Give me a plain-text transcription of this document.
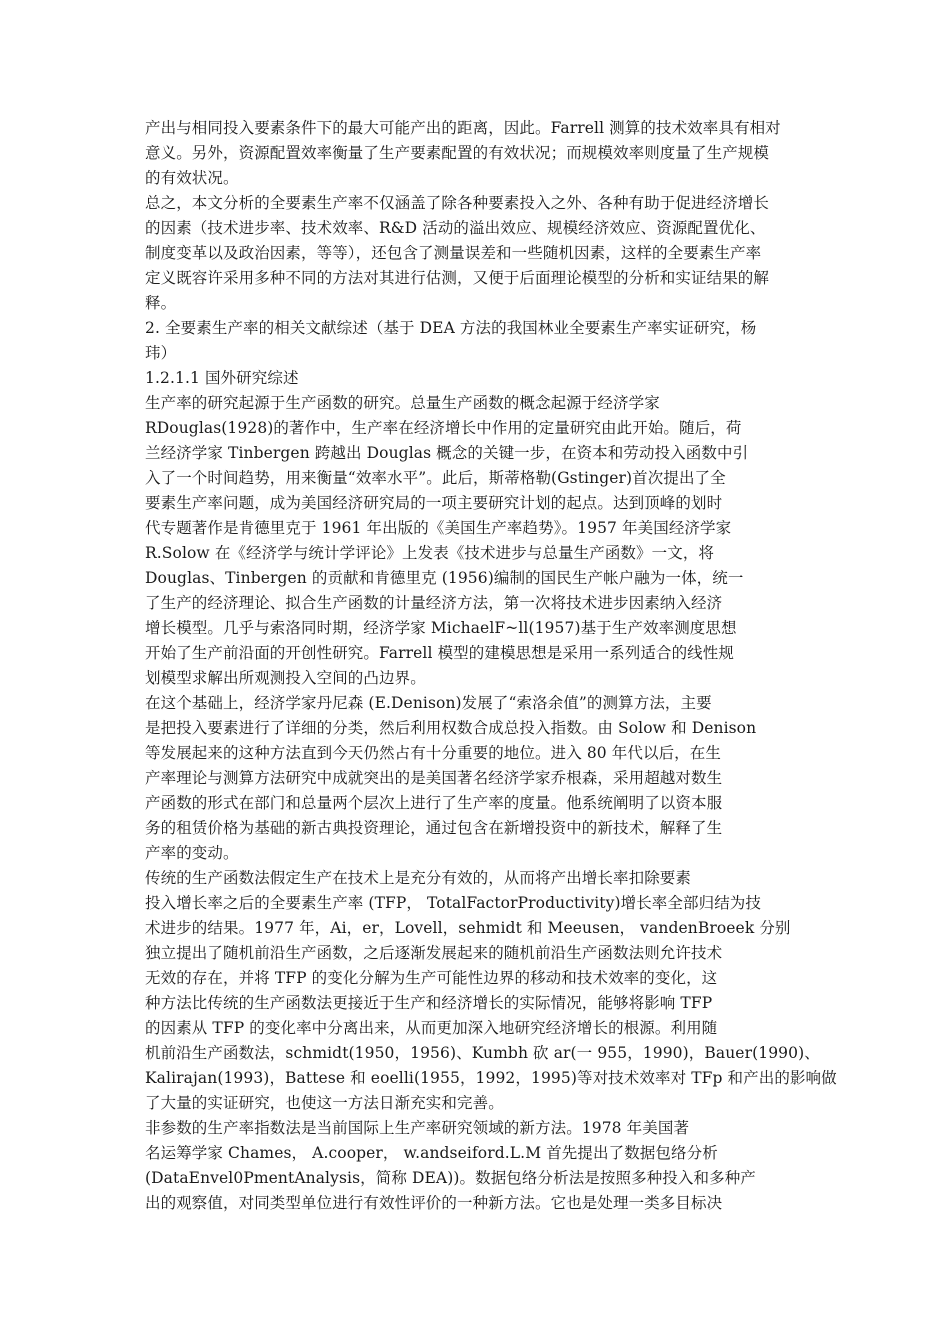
产出与相同投入要素条件下的最大可能产出的距离，因此。Farrell 测算的技术效率具有相对
意义。另外，资源配置效率衡量了生产要素配置的有效状况；而规模效率则度量了生产规模
的有效状况。
总之，本文分析的全要素生产率不仅涵盖了除各种要素投入之外、各种有助于促进经济增长
的因素（技术进步率、技术效率、R&D 活动的溢出效应、规模经济效应、资源配置优化、
制度变革以及政治因素，等等），还包含了测量误差和一些随机因素，这样的全要素生产率
定义既容许采用多种不同的方法对其进行估测，又便于后面理论模型的分析和实证结果的解
释。
2. 全要素生产率的相关文献综述（基于 DEA 方法的我国林业全要素生产率实证研究，杨
玮）
1.2.1.1 国外研究综述
生产率的研究起源于生产函数的研究。总量生产函数的概念起源于经济学家
RDouglas(1928)的著作中，生产率在经济增长中作用的定量研究由此开始。随后，荷
兰经济学家 Tinbergen 跨越出 Douglas 概念的关键一步，在资本和劳动投入函数中引
入了一个时间趋势，用来衡量“效率水平”。此后，斯蒂格勒(Gstinger)首次提出了全
要素生产率问题，成为美国经济研究局的一项主要研究计划的起点。达到顶峰的划时
代专题著作是肯德里克于 1961 年出版的《美国生产率趋势》。1957 年美国经济学家
R.Solow 在《经济学与统计学评论》上发表《技术进步与总量生产函数》一文，将
Douglas、Tinbergen 的贡献和肯德里克 (1956)编制的国民生产帐户融为一体，统一
了生产的经济理论、拟合生产函数的计量经济方法，第一次将技术进步因素纳入经济
增长模型。几乎与索洛同时期，经济学家 MichaelF~ll(1957)基于生产效率测度思想
开始了生产前沿面的开创性研究。Farrell 模型的建模思想是采用一系列适合的线性规
划模型求解出所观测投入空间的凸边界。
在这个基础上，经济学家丹尼森 (E.Denison)发展了“索洛余值”的测算方法，主要
是把投入要素进行了详细的分类，然后利用权数合成总投入指数。由 Solow 和 Denison
等发展起来的这种方法直到今天仍然占有十分重要的地位。进入 80 年代以后，在生
产率理论与测算方法研究中成就突出的是美国著名经济学家乔根森，采用超越对数生
产函数的形式在部门和总量两个层次上进行了生产率的度量。他系统阐明了以资本服
务的租赁价格为基础的新古典投资理论，通过包含在新增投资中的新技术，解释了生
产率的变动。
传统的生产函数法假定生产在技术上是充分有效的，从而将产出增长率扣除要素
投入增长率之后的全要素生产率 (TFP， TotalFactorProductivity)增长率全部归结为技
术进步的结果。1977 年，Ai，er，Lovell，sehmidt 和 Meeusen， vandenBroeek 分别
独立提出了随机前沿生产函数，之后逐渐发展起来的随机前沿生产函数法则允许技术
无效的存在，并将 TFP 的变化分解为生产可能性边界的移动和技术效率的变化，这
种方法比传统的生产函数法更接近于生产和经济增长的实际情况，能够将影响 TFP
的因素从 TFP 的变化率中分离出来，从而更加深入地研究经济增长的根源。利用随
机前沿生产函数法，schmidt(1950，1956)、Kumbh 砍 ar(一 955，1990)，Bauer(1990)、
Kalirajan(1993)，Battese 和 eoelli(1955，1992，1995)等对技术效率对 TFp 和产出的影响做
了大量的实证研究，也使这一方法日渐充实和完善。
非参数的生产率指数法是当前国际上生产率研究领域的新方法。1978 年美国著
名运筹学家 Chames， A.cooper， w.andseiford.L.M 首先提出了数据包络分析
(DataEnvel0PmentAnalysis，简称 DEA))。数据包络分析法是按照多种投入和多种产
出的观察值，对同类型单位进行有效性评价的一种新方法。它也是处理一类多目标决
